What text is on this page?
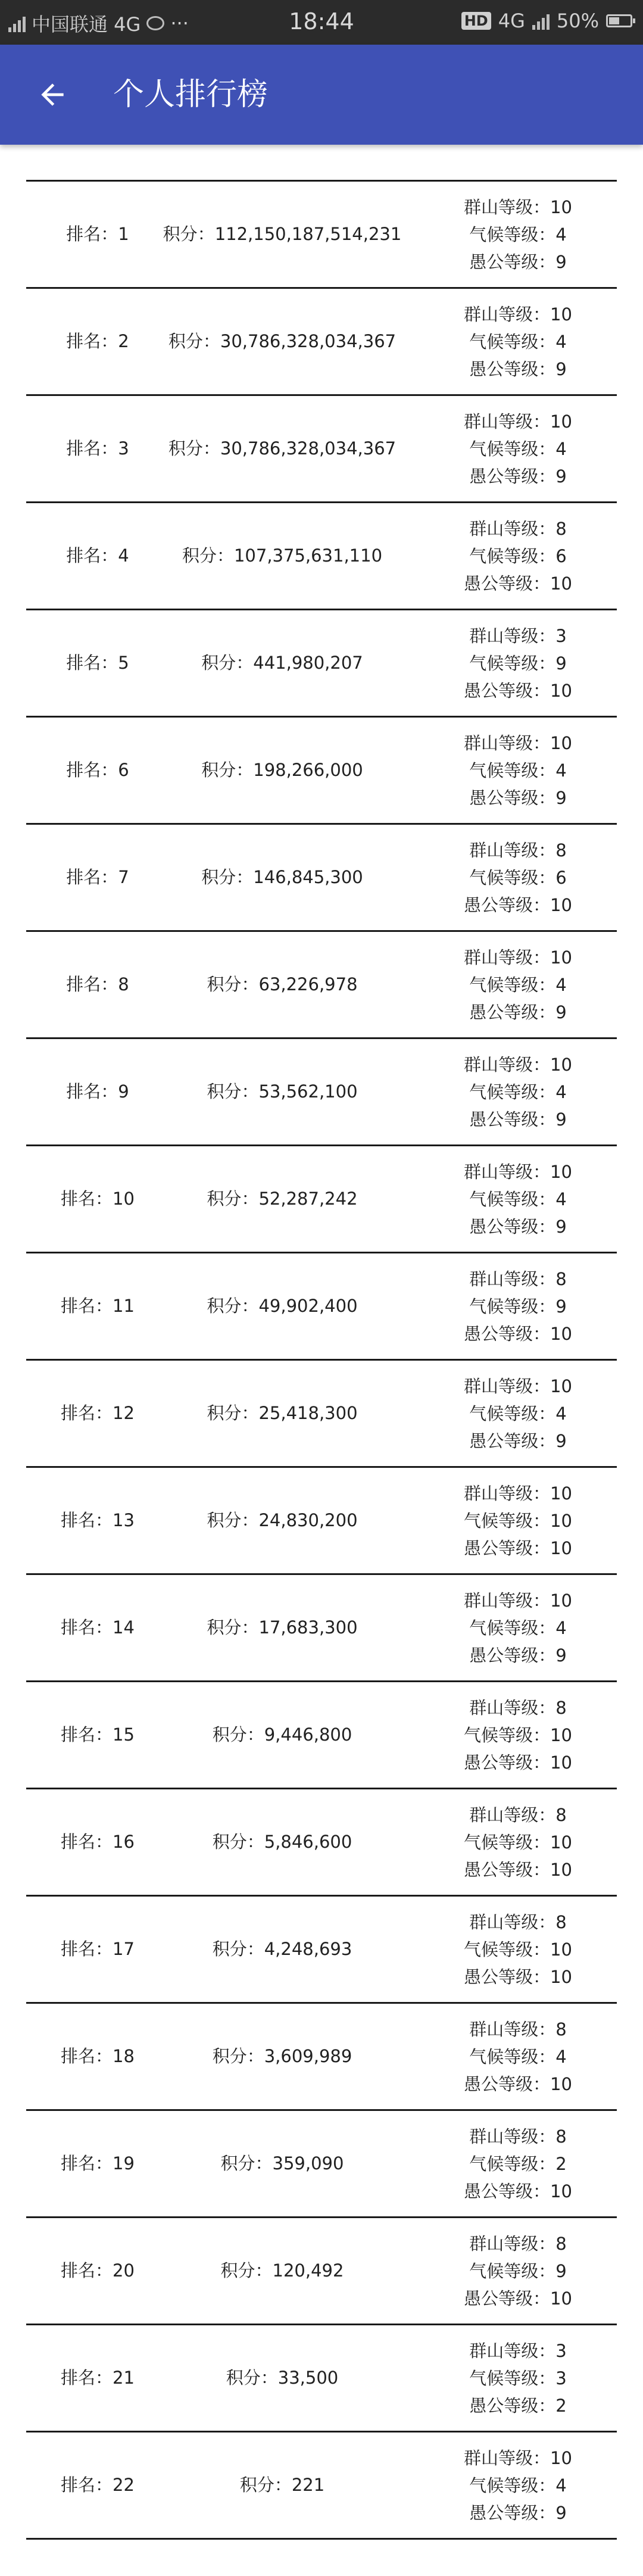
中国联通 4G ···	18:44	HD 4G 50%
个人排行榜
排名：1	积分：112,150,187,514,231
群山等级：10
气候等级：4
愚公等级：9
排名：2	积分：30,786,328,034,367
群山等级：10
气候等级：4
愚公等级：9
排名：3	积分：30,786,328,034,367
群山等级：10
气候等级：4
愚公等级：9
排名：4	积分：107,375,631,110
群山等级：8
气候等级：6
愚公等级：10
排名：5	积分：441,980,207
群山等级：3
气候等级：9
愚公等级：10
排名：6	积分：198,266,000
群山等级：10
气候等级：4
愚公等级：9
排名：7	积分：146,845,300
群山等级：8
气候等级：6
愚公等级：10
排名：8	积分：63,226,978
群山等级：10
气候等级：4
愚公等级：9
排名：9	积分：53,562,100
群山等级：10
气候等级：4
愚公等级：9
排名：10	积分：52,287,242
群山等级：10
气候等级：4
愚公等级：9
排名：11	积分：49,902,400
群山等级：8
气候等级：9
愚公等级：10
排名：12	积分：25,418,300
群山等级：10
气候等级：4
愚公等级：9
排名：13	积分：24,830,200
群山等级：10
气候等级：10
愚公等级：10
排名：14	积分：17,683,300
群山等级：10
气候等级：4
愚公等级：9
排名：15	积分：9,446,800
群山等级：8
气候等级：10
愚公等级：10
排名：16	积分：5,846,600
群山等级：8
气候等级：10
愚公等级：10
排名：17	积分：4,248,693
群山等级：8
气候等级：10
愚公等级：10
排名：18	积分：3,609,989
群山等级：8
气候等级：4
愚公等级：10
排名：19	积分：359,090
群山等级：8
气候等级：2
愚公等级：10
排名：20	积分：120,492
群山等级：8
气候等级：9
愚公等级：10
排名：21	积分：33,500
群山等级：3
气候等级：3
愚公等级：2
排名：22	积分：221
群山等级：10
气候等级：4
愚公等级：9
